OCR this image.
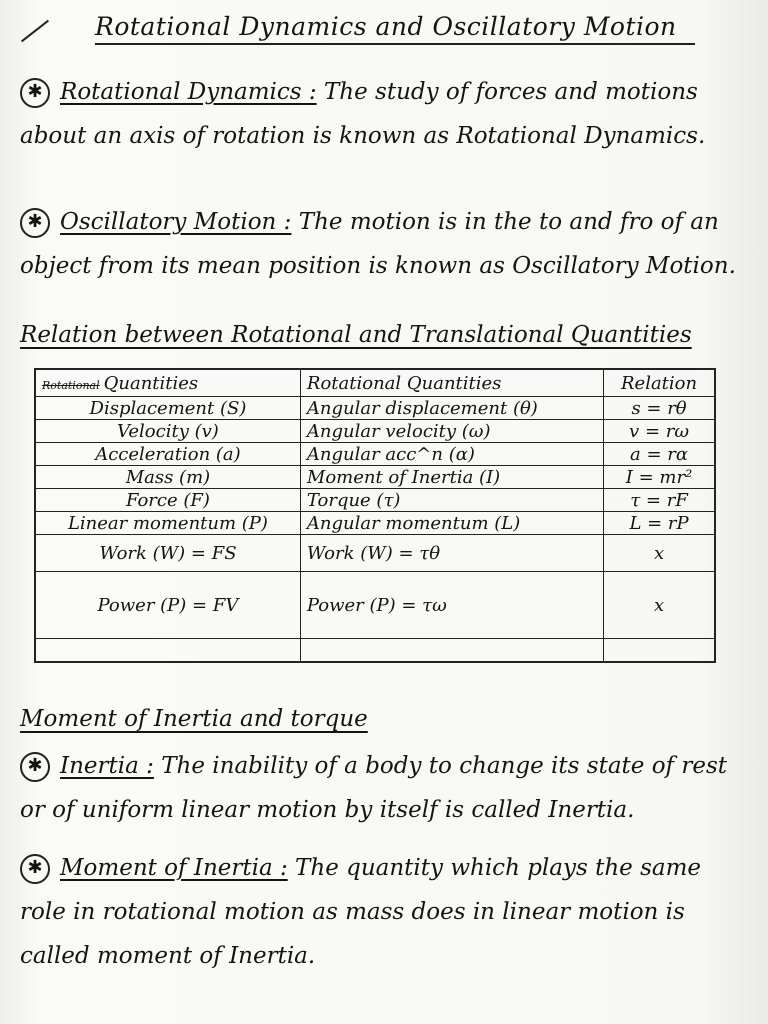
Rotational Dynamics and Oscillatory Motion
✱ Rotational Dynamics : The study of forces and motions about an axis of rotation is known as Rotational Dynamics.
✱ Oscillatory Motion : The motion is in the to and fro of an object from its mean position is known as Oscillatory Motion.
Relation between Rotational and Translational Quantities
Rotational Quantities	Rotational Quantities	Relation
Displacement (S)	Angular displacement (θ)	s = rθ
Velocity (v)	Angular velocity (ω)	v = rω
Acceleration (a)	Angular acc^n (α)	a = rα
Mass (m)	Moment of Inertia (I)	I = mr²
Force (F)	Torque (τ)	τ = rF
Linear momentum (P)	Angular momentum (L)	L = rP
Work (W) = FS	Work (W) = τθ	x
Power (P) = FV	Power (P) = τω	x

Moment of Inertia and torque
✱ Inertia : The inability of a body to change its state of rest or of uniform linear motion by itself is called Inertia.
✱ Moment of Inertia : The quantity which plays the same role in rotational motion as mass does in linear motion is called moment of Inertia.
